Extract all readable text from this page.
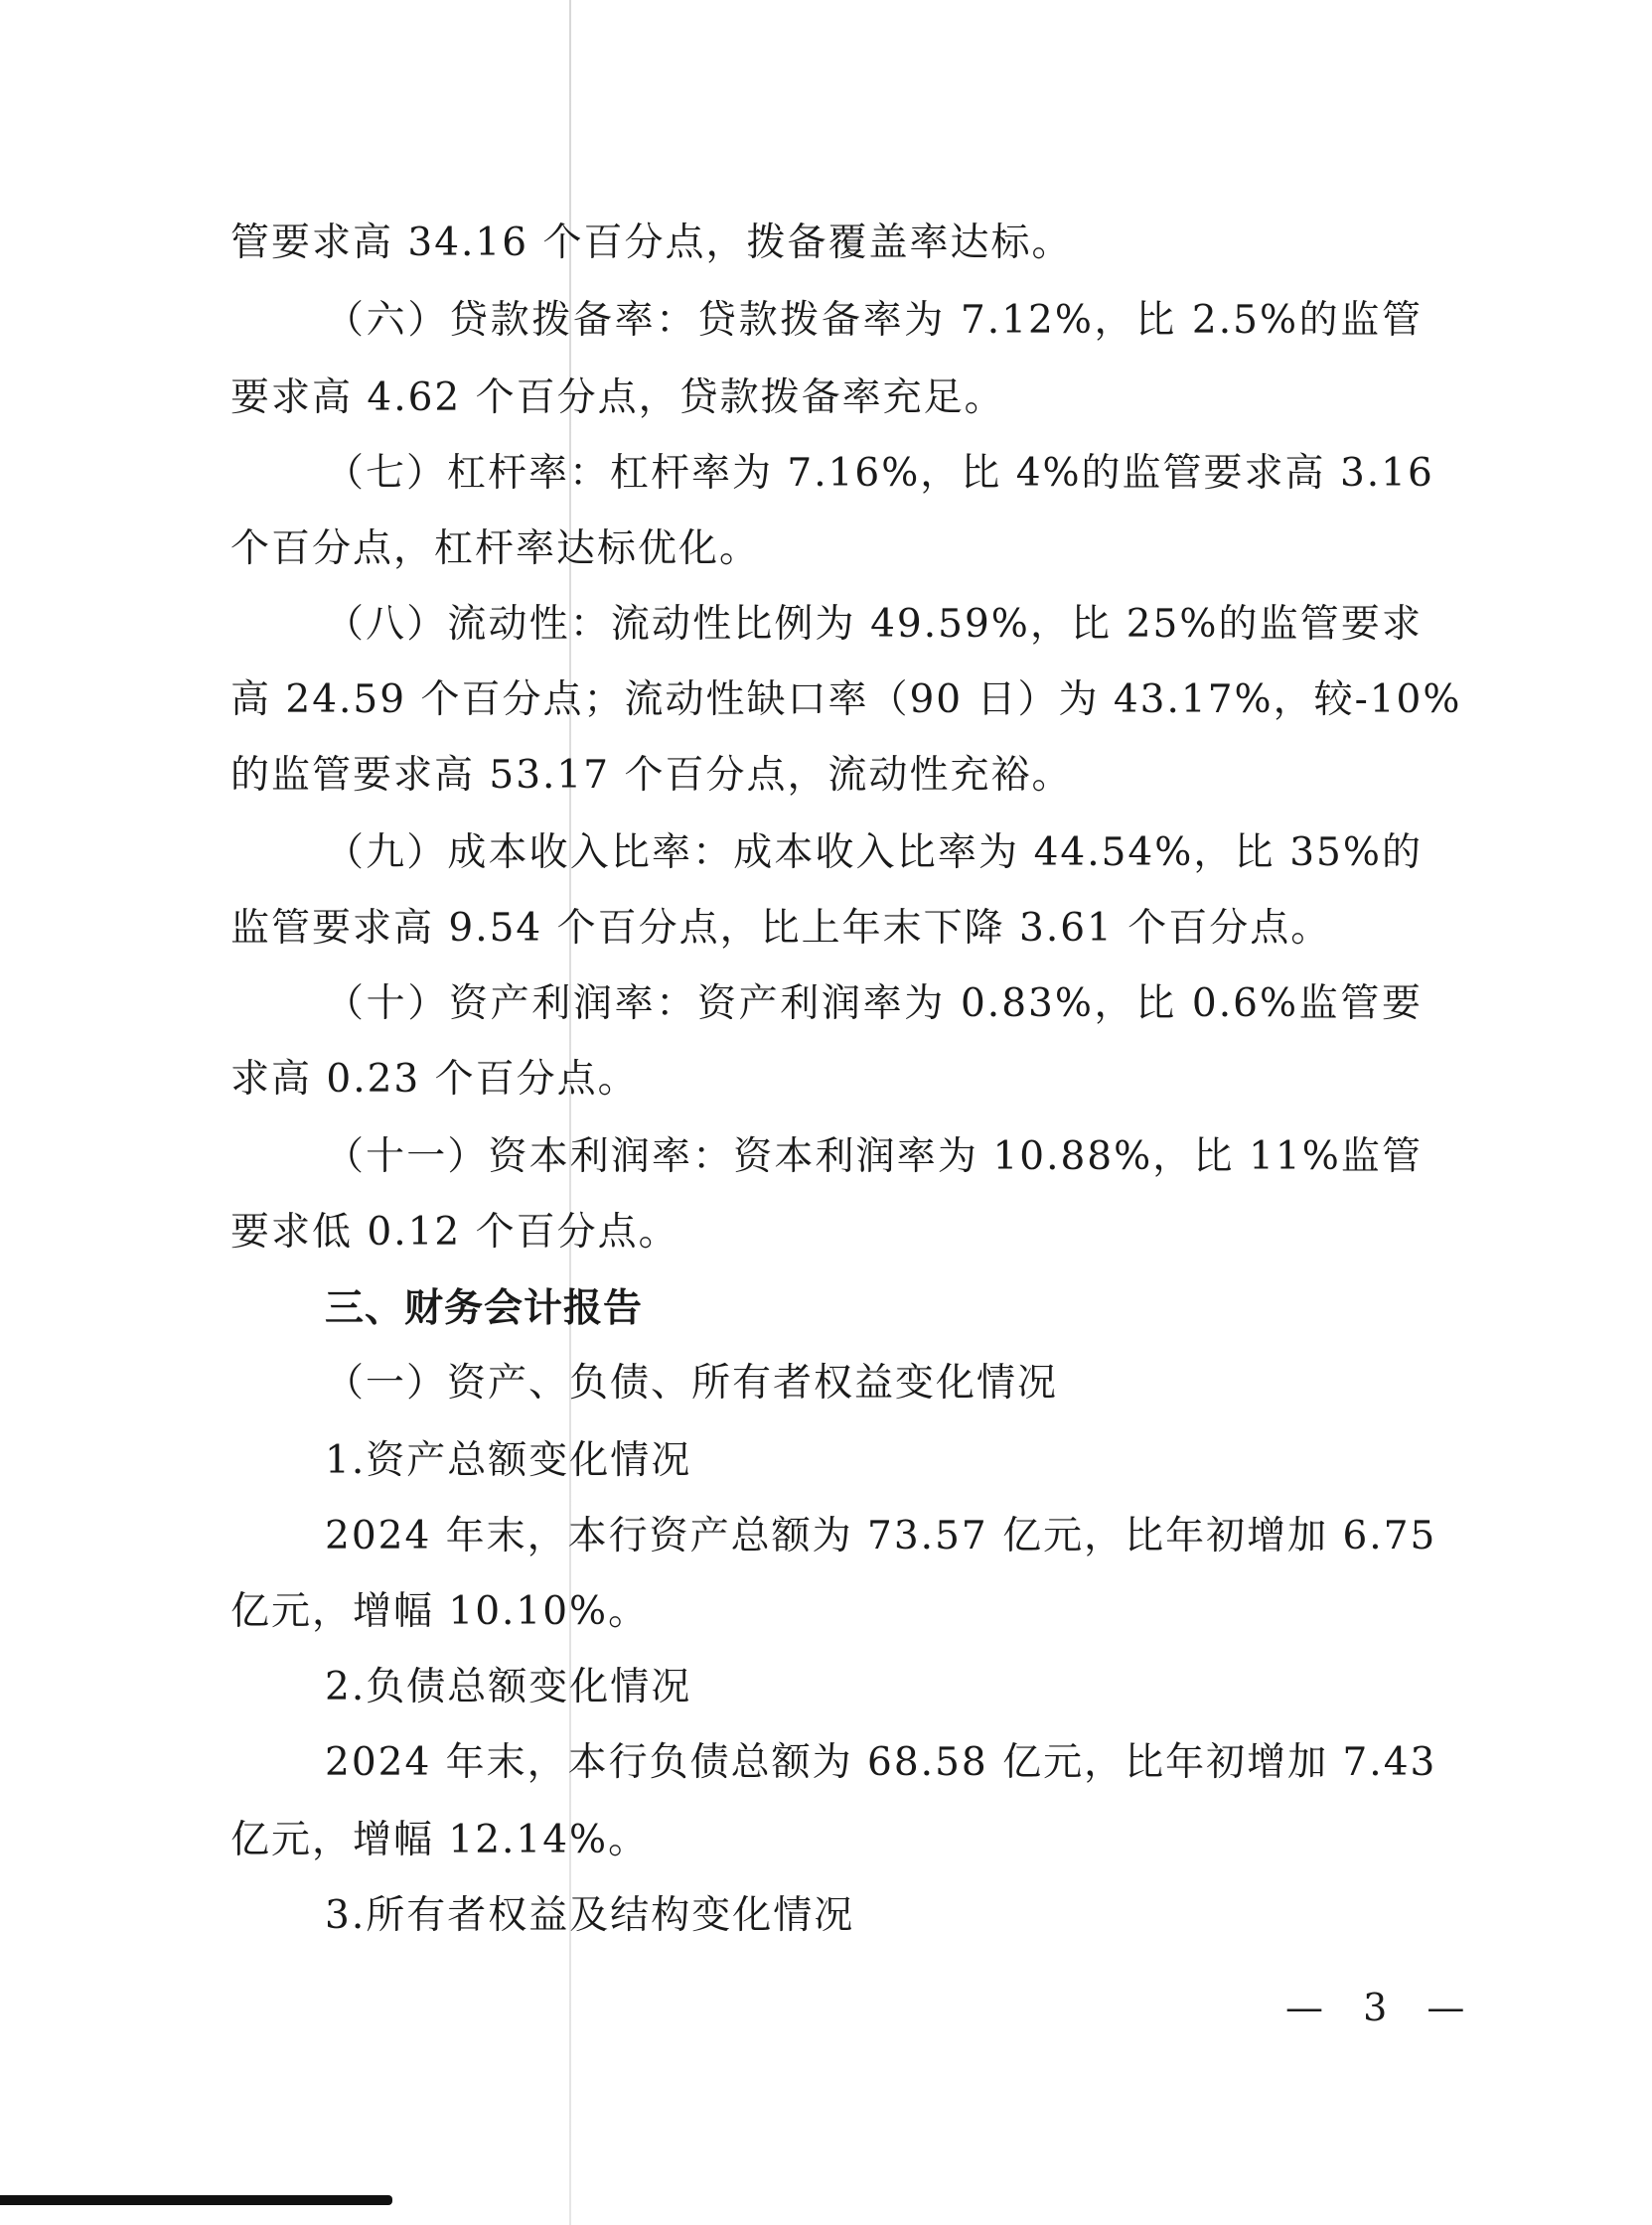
管要求高 34.16 个百分点，拨备覆盖率达标。

（六）贷款拨备率：贷款拨备率为 7.12%，比 2.5%的监管

要求高 4.62 个百分点，贷款拨备率充足。

（七）杠杆率：杠杆率为 7.16%，比 4%的监管要求高 3.16

个百分点，杠杆率达标优化。

（八）流动性：流动性比例为 49.59%，比 25%的监管要求

高 24.59 个百分点；流动性缺口率（90 日）为 43.17%，较-10%

的监管要求高 53.17 个百分点，流动性充裕。

（九）成本收入比率：成本收入比率为 44.54%，比 35%的

监管要求高 9.54 个百分点，比上年末下降 3.61 个百分点。

（十）资产利润率：资产利润率为 0.83%，比 0.6%监管要

求高 0.23 个百分点。

（十一）资本利润率：资本利润率为 10.88%，比 11%监管

要求低 0.12 个百分点。

三、财务会计报告

（一）资产、负债、所有者权益变化情况

1.资产总额变化情况

2024 年末，本行资产总额为 73.57 亿元，比年初增加 6.75

亿元，增幅 10.10%。

2.负债总额变化情况

2024 年末，本行负债总额为 68.58 亿元，比年初增加 7.43

亿元，增幅 12.14%。

3.所有者权益及结构变化情况

— 3 —
